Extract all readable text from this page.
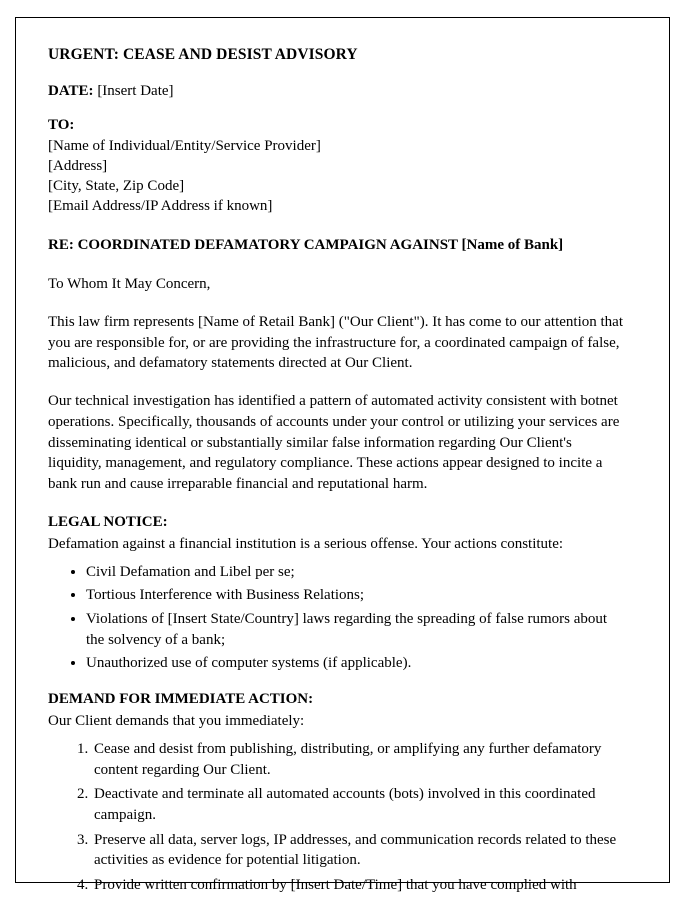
URGENT: CEASE AND DESIST ADVISORY

DATE: [Insert Date]

TO:

[Name of Individual/Entity/Service Provider]

[Address]

[City, State, Zip Code]

[Email Address/IP Address if known]

RE: COORDINATED DEFAMATORY CAMPAIGN AGAINST [Name of Bank]

To Whom It May Concern,

This law firm represents [Name of Retail Bank] ("Our Client"). It has come to our attention that you are responsible for, or are providing the infrastructure for, a coordinated campaign of false, malicious, and defamatory statements directed at Our Client.

Our technical investigation has identified a pattern of automated activity consistent with botnet operations. Specifically, thousands of accounts under your control or utilizing your services are disseminating identical or substantially similar false information regarding Our Client's liquidity, management, and regulatory compliance. These actions appear designed to incite a bank run and cause irreparable financial and reputational harm.

LEGAL NOTICE:

Defamation against a financial institution is a serious offense. Your actions constitute:

• Civil Defamation and Libel per se;
• Tortious Interference with Business Relations;
• Violations of [Insert State/Country] laws regarding the spreading of false rumors about the solvency of a bank;
• Unauthorized use of computer systems (if applicable).

DEMAND FOR IMMEDIATE ACTION:

Our Client demands that you immediately:

1. Cease and desist from publishing, distributing, or amplifying any further defamatory content regarding Our Client.
2. Deactivate and terminate all automated accounts (bots) involved in this coordinated campaign.
3. Preserve all data, server logs, IP addresses, and communication records related to these activities as evidence for potential litigation.
4. Provide written confirmation by [Insert Date/Time] that you have complied with
